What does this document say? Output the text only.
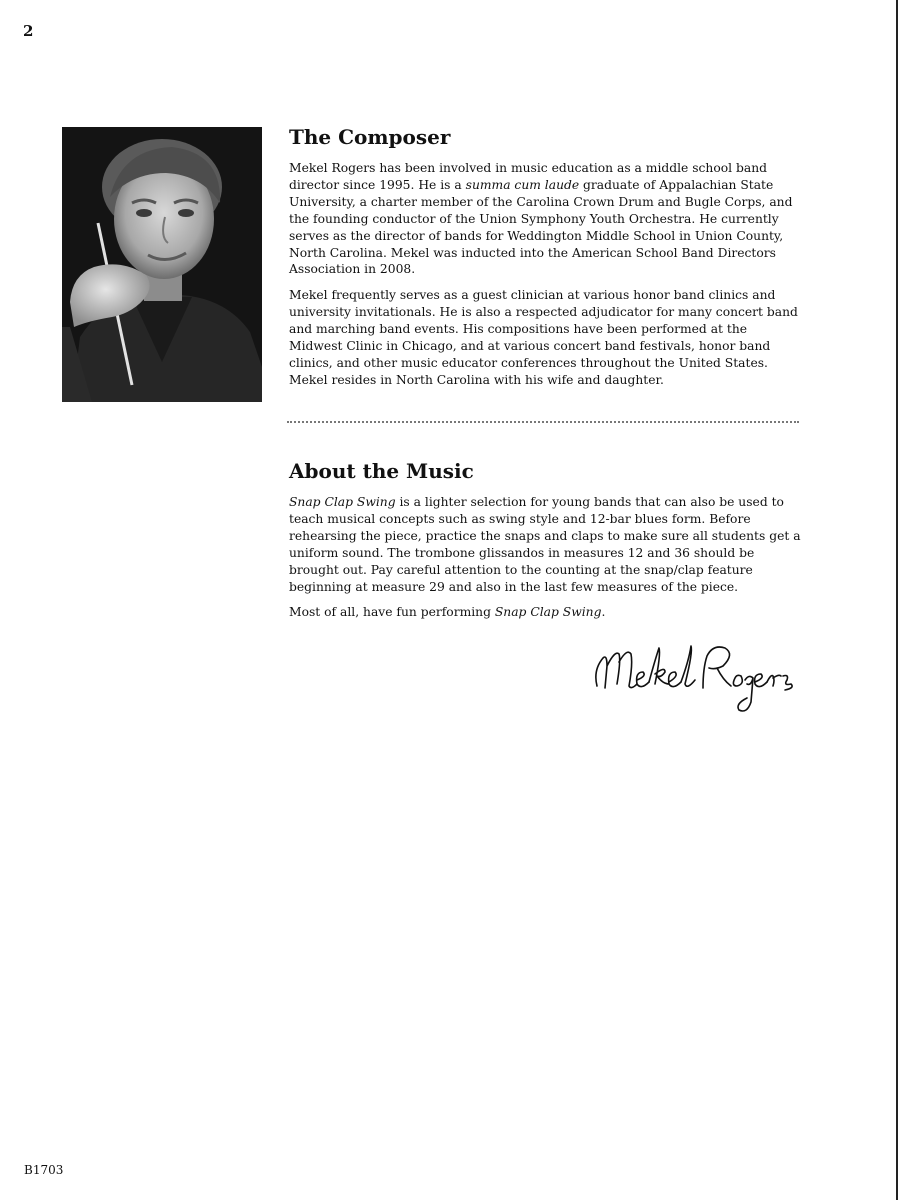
2
The Composer

Mekel Rogers has been involved in music education as a middle school band director since 1995. He is a summa cum laude graduate of Appalachian State University, a charter member of the Carolina Crown Drum and Bugle Corps, and the founding conductor of the Union Symphony Youth Orchestra. He currently serves as the director of bands for Weddington Middle School in Union County, North Carolina. Mekel was inducted into the American School Band Directors Association in 2008.

Mekel frequently serves as a guest clinician at various honor band clinics and university invitationals. He is also a respected adjudicator for many concert band and marching band events. His compositions have been performed at the Midwest Clinic in Chicago, and at various concert band festivals, honor band clinics, and other music educator conferences throughout the United States. Mekel resides in North Carolina with his wife and daughter.

About the Music

Snap Clap Swing is a lighter selection for young bands that can also be used to teach musical concepts such as swing style and 12-bar blues form. Before rehearsing the piece, practice the snaps and claps to make sure all students get a uniform sound. The trombone glissandos in measures 12 and 36 should be brought out. Pay careful attention to the counting at the snap/clap feature beginning at measure 29 and also in the last few measures of the piece.

Most of all, have fun performing Snap Clap Swing.

B1703
